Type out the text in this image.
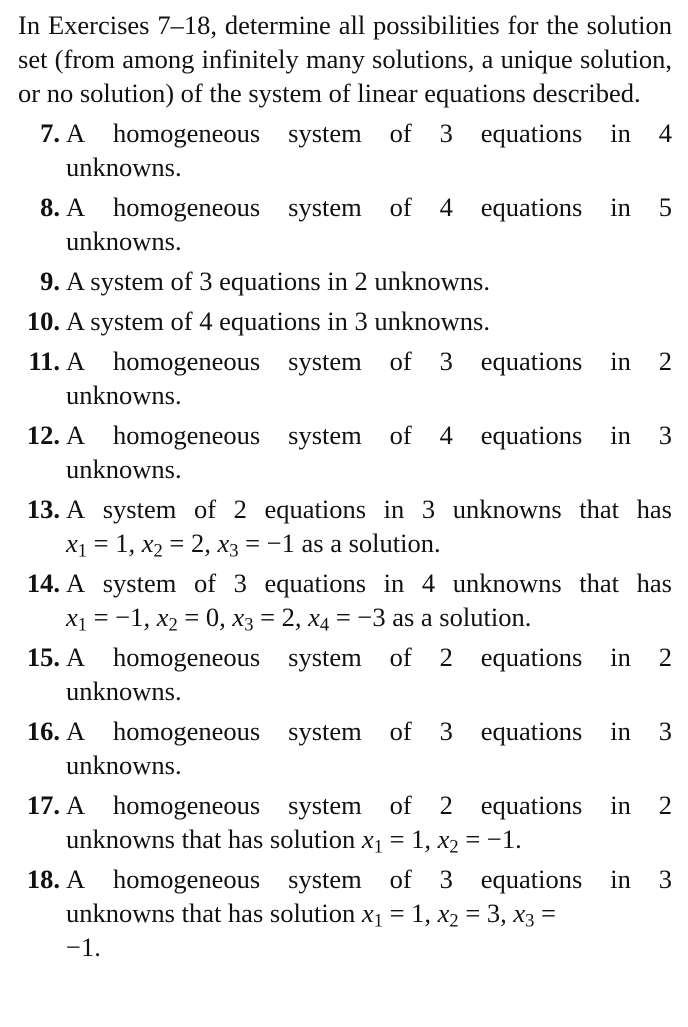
In Exercises 7–18, determine all possibilities for the solution set (from among infinitely many solutions, a unique solution, or no solution) of the system of linear equations described.

7. A homogeneous system of 3 equations in 4
unknowns.
8. A homogeneous system of 4 equations in 5
unknowns.
9. A system of 3 equations in 2 unknowns.
10. A system of 4 equations in 3 unknowns.
11. A homogeneous system of 3 equations in 2
unknowns.
12. A homogeneous system of 4 equations in 3
unknowns.
13. A system of 2 equations in 3 unknowns that has
$x_1 = 1$, $x_2 = 2$, $x_3 = -1$ as a solution.
14. A system of 3 equations in 4 unknowns that has
$x_1 = -1$, $x_2 = 0$, $x_3 = 2$, $x_4 = -3$ as a solution.
15. A homogeneous system of 2 equations in 2
unknowns.
16. A homogeneous system of 3 equations in 3
unknowns.
17. A homogeneous system of 2 equations in 2
unknowns that has solution $x_1 = 1$, $x_2 = -1$.
18. A homogeneous system of 3 equations in 3
unknowns that has solution $x_1 = 1$, $x_2 = 3$, $x_3$ =
−1.
